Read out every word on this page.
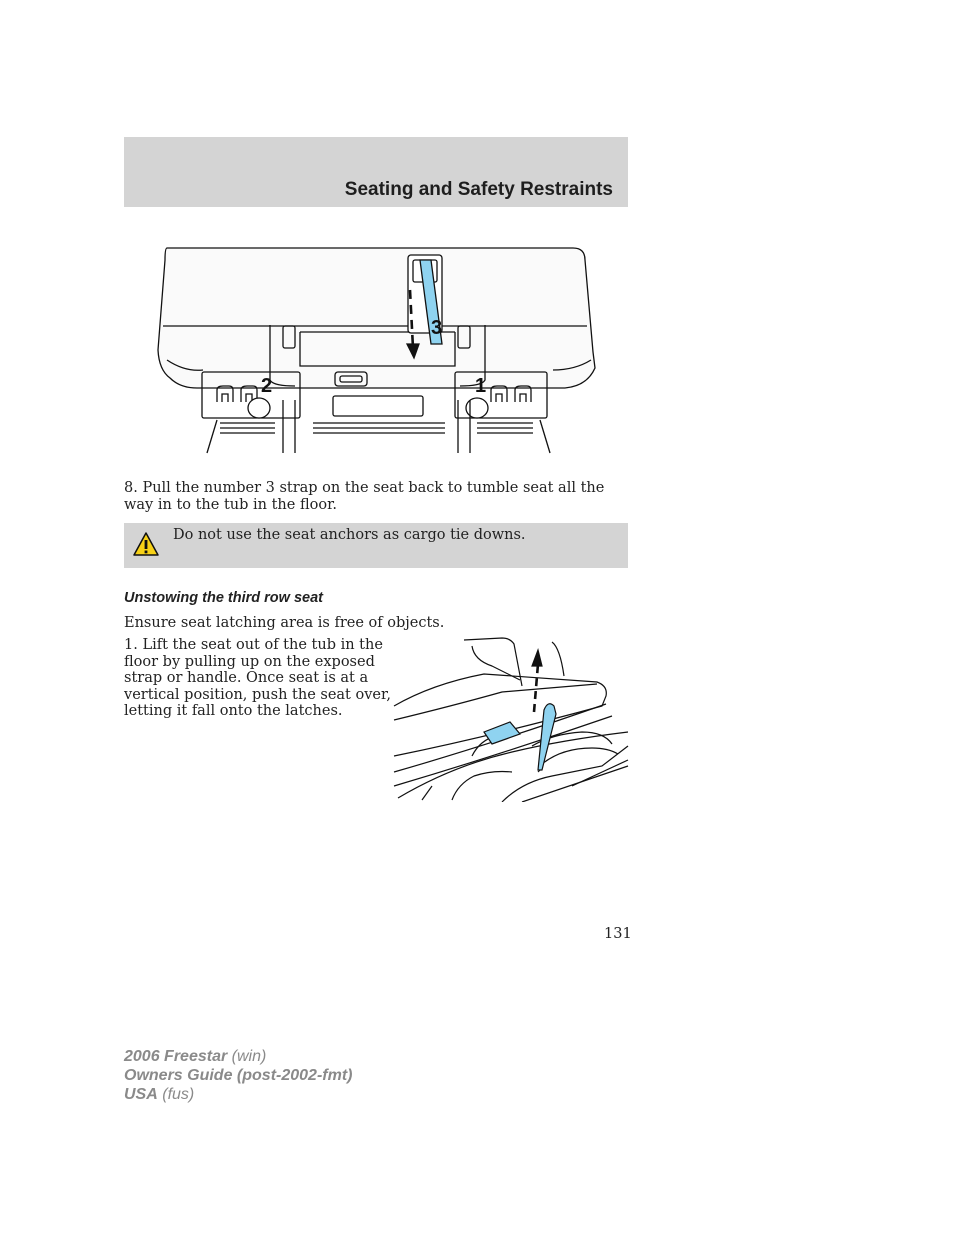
Seating and Safety Restraints
3
2	1

8. Pull the number 3 strap on the seat back to tumble seat all the way in to the tub in the floor.

Do not use the seat anchors as cargo tie downs.

Unstowing the third row seat

Ensure seat latching area is free of objects.

1. Lift the seat out of the tub in the

floor by pulling up on the exposed

strap or handle. Once seat is at a

vertical position, push the seat over,

letting it fall onto the latches.

131

2006 Freestar (win)
Owners Guide (post-2002-fmt)
USA (fus)
